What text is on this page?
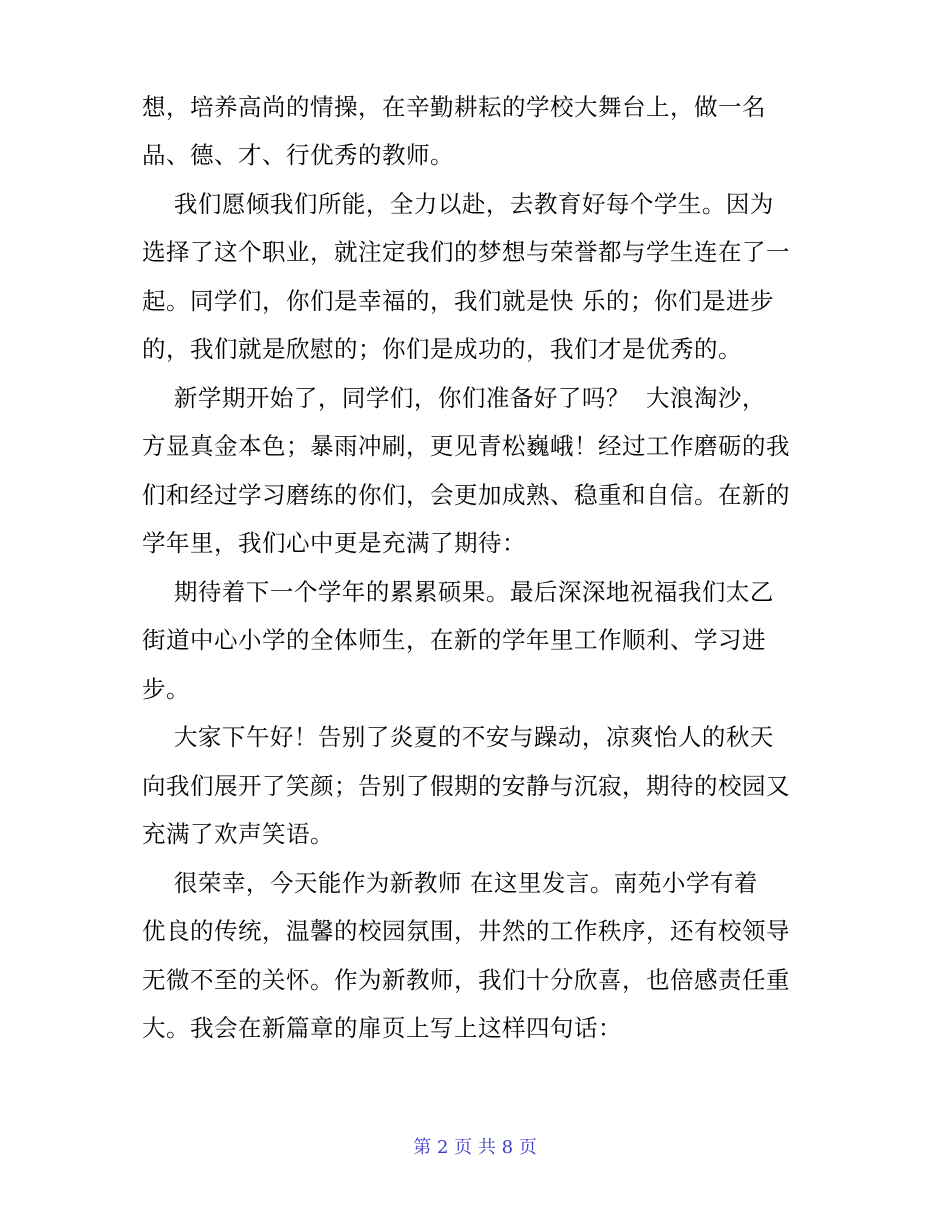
想，培养高尚的情操，在辛勤耕耘的学校大舞台上，做一名
品、德、才、行优秀的教师。
我们愿倾我们所能，全力以赴，去教育好每个学生。因为
选择了这个职业，就注定我们的梦想与荣誉都与学生连在了一
起。同学们，你们是幸福的，我们就是快 乐的；你们是进步
的，我们就是欣慰的；你们是成功的，我们才是优秀的。
新学期开始了，同学们，你们准备好了吗？  大浪淘沙，
方显真金本色；暴雨冲刷，更见青松巍峨！经过工作磨砺的我
们和经过学习磨练的你们，会更加成熟、稳重和自信。在新的
学年里，我们心中更是充满了期待：
期待着下一个学年的累累硕果。最后深深地祝福我们太乙
街道中心小学的全体师生，在新的学年里工作顺利、学习进
步。
大家下午好！告别了炎夏的不安与躁动，凉爽怡人的秋天
向我们展开了笑颜；告别了假期的安静与沉寂，期待的校园又
充满了欢声笑语。
很荣幸，今天能作为新教师 在这里发言。南苑小学有着
优良的传统，温馨的校园氛围，井然的工作秩序，还有校领导
无微不至的关怀。作为新教师，我们十分欣喜，也倍感责任重
大。我会在新篇章的扉页上写上这样四句话：
第 2 页 共 8 页
